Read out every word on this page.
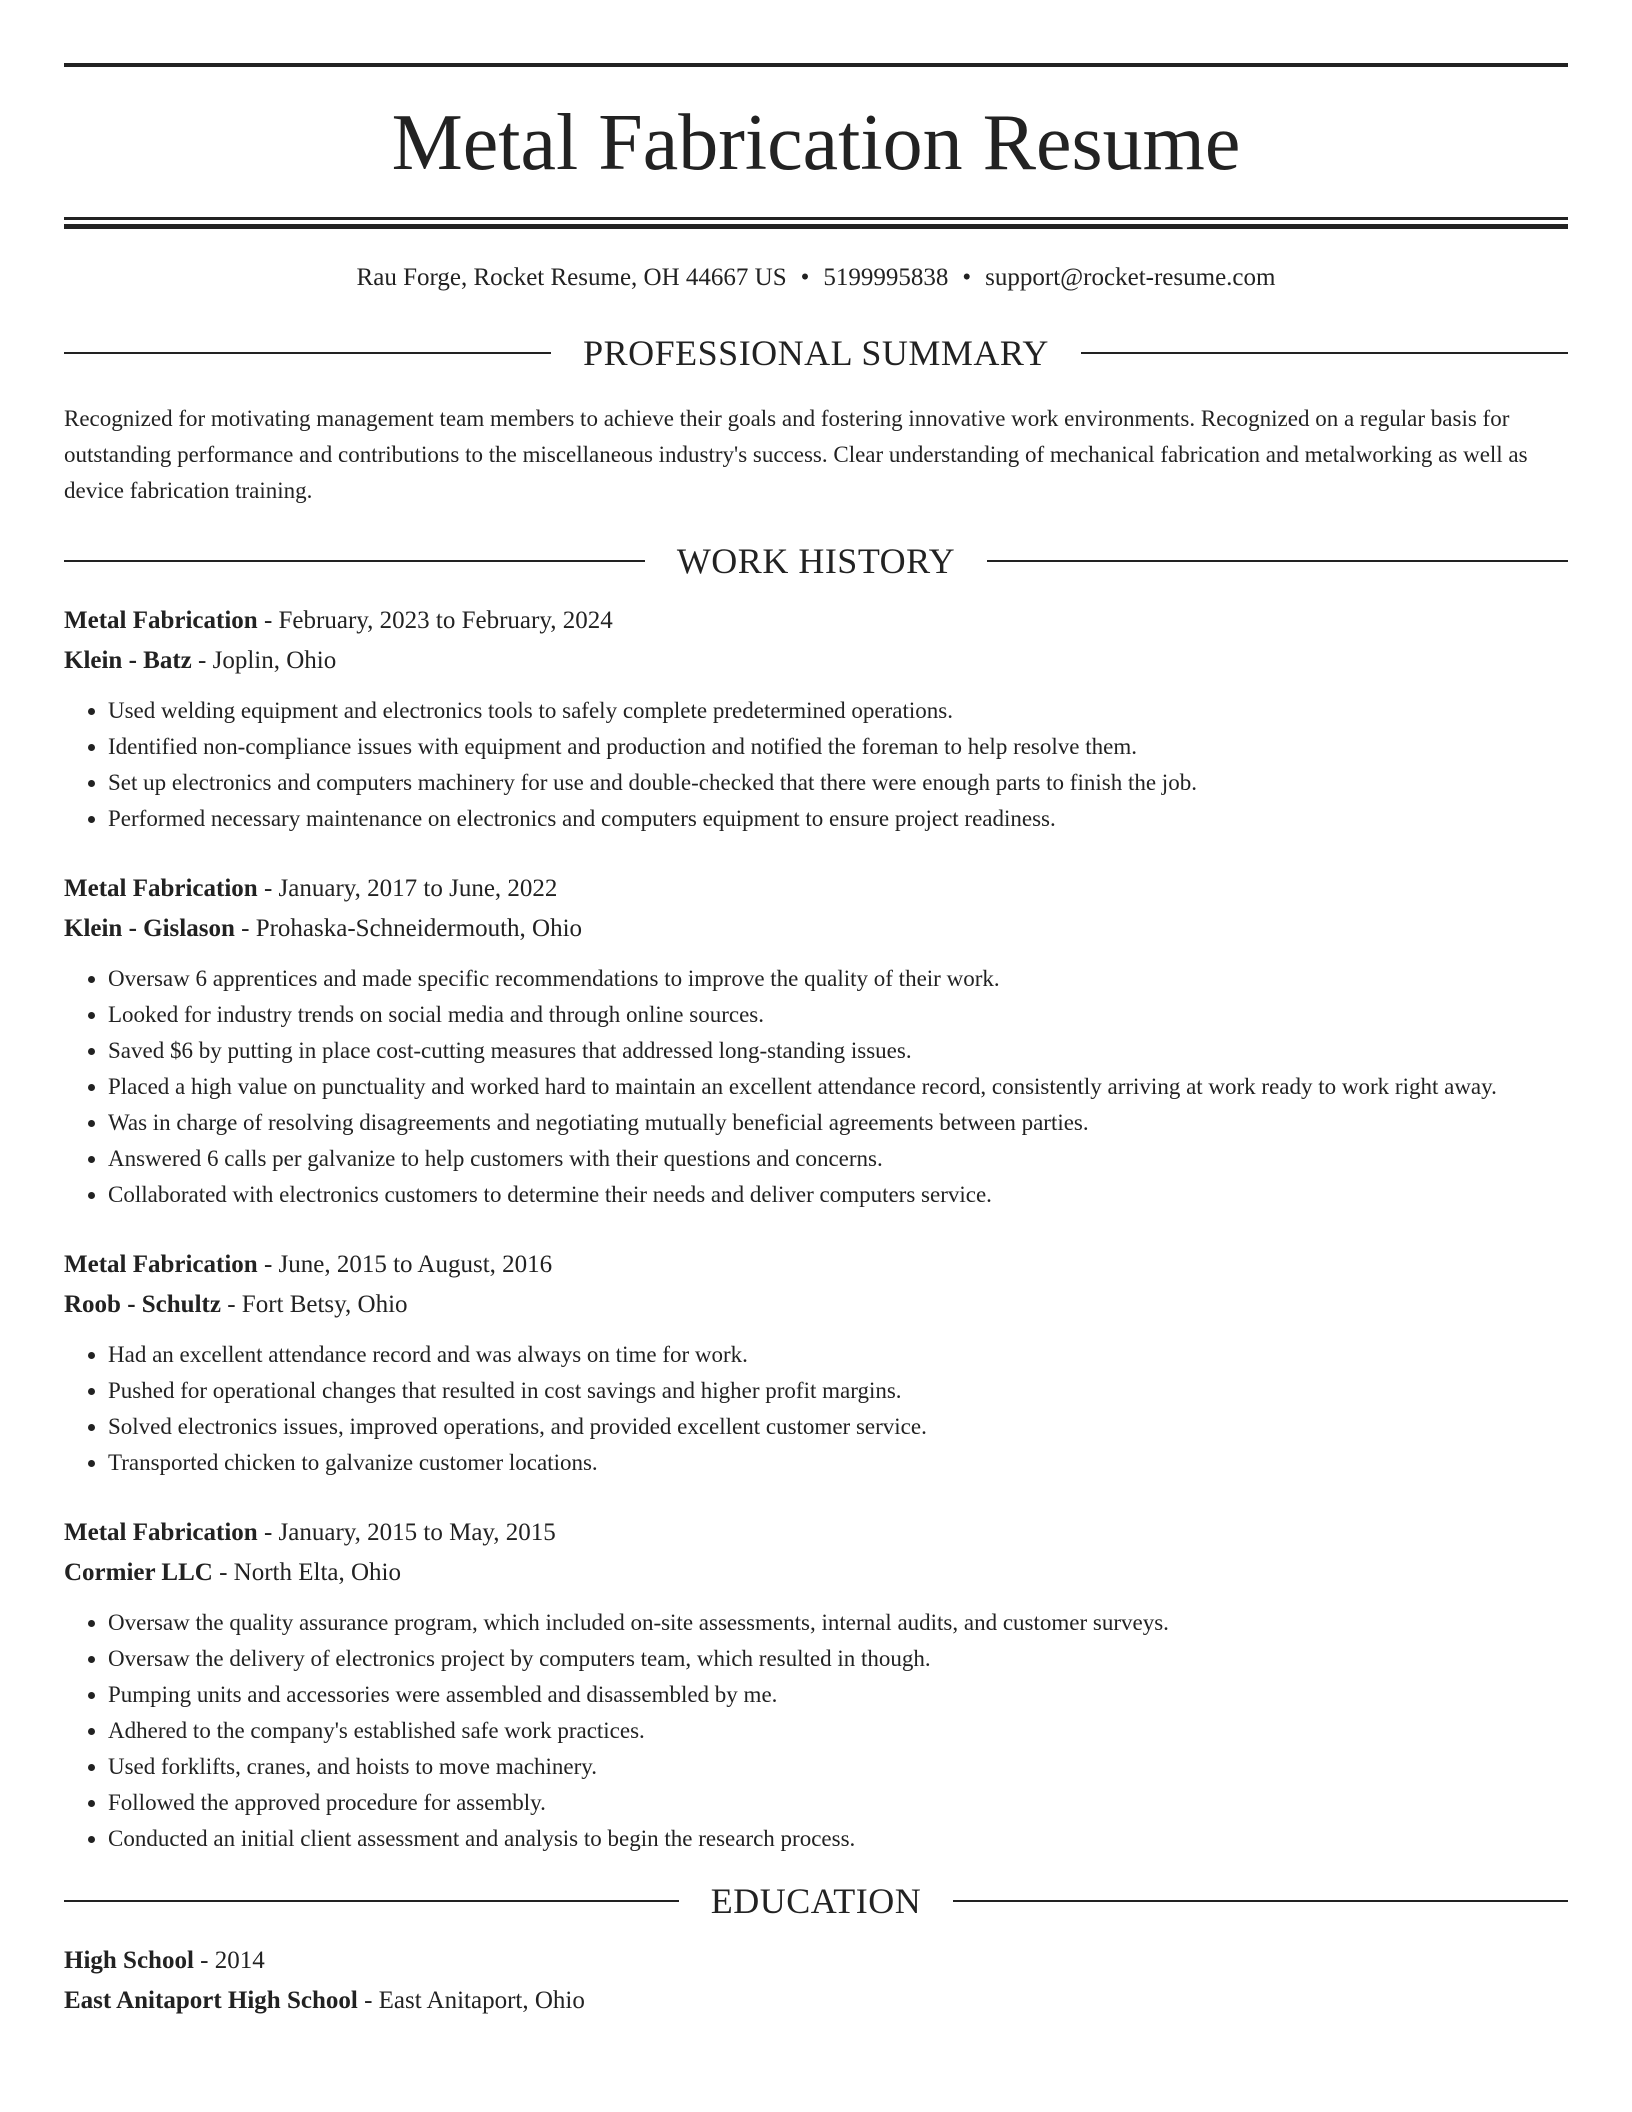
Metal Fabrication Resume
Rau Forge, Rocket Resume, OH 44667 US • 5199995838 • support@rocket-resume.com
PROFESSIONAL SUMMARY
Recognized for motivating management team members to achieve their goals and fostering innovative work environments. Recognized on a regular basis for outstanding performance and contributions to the miscellaneous industry's success. Clear understanding of mechanical fabrication and metalworking as well as device fabrication training.
WORK HISTORY
Metal Fabrication - February, 2023 to February, 2024
Klein - Batz - Joplin, Ohio
• Used welding equipment and electronics tools to safely complete predetermined operations.
• Identified non-compliance issues with equipment and production and notified the foreman to help resolve them.
• Set up electronics and computers machinery for use and double-checked that there were enough parts to finish the job.
• Performed necessary maintenance on electronics and computers equipment to ensure project readiness.
Metal Fabrication - January, 2017 to June, 2022
Klein - Gislason - Prohaska-Schneidermouth, Ohio
• Oversaw 6 apprentices and made specific recommendations to improve the quality of their work.
• Looked for industry trends on social media and through online sources.
• Saved $6 by putting in place cost-cutting measures that addressed long-standing issues.
• Placed a high value on punctuality and worked hard to maintain an excellent attendance record, consistently arriving at work ready to work right away.
• Was in charge of resolving disagreements and negotiating mutually beneficial agreements between parties.
• Answered 6 calls per galvanize to help customers with their questions and concerns.
• Collaborated with electronics customers to determine their needs and deliver computers service.
Metal Fabrication - June, 2015 to August, 2016
Roob - Schultz - Fort Betsy, Ohio
• Had an excellent attendance record and was always on time for work.
• Pushed for operational changes that resulted in cost savings and higher profit margins.
• Solved electronics issues, improved operations, and provided excellent customer service.
• Transported chicken to galvanize customer locations.
Metal Fabrication - January, 2015 to May, 2015
Cormier LLC - North Elta, Ohio
• Oversaw the quality assurance program, which included on-site assessments, internal audits, and customer surveys.
• Oversaw the delivery of electronics project by computers team, which resulted in though.
• Pumping units and accessories were assembled and disassembled by me.
• Adhered to the company's established safe work practices.
• Used forklifts, cranes, and hoists to move machinery.
• Followed the approved procedure for assembly.
• Conducted an initial client assessment and analysis to begin the research process.
EDUCATION
High School - 2014
East Anitaport High School - East Anitaport, Ohio
